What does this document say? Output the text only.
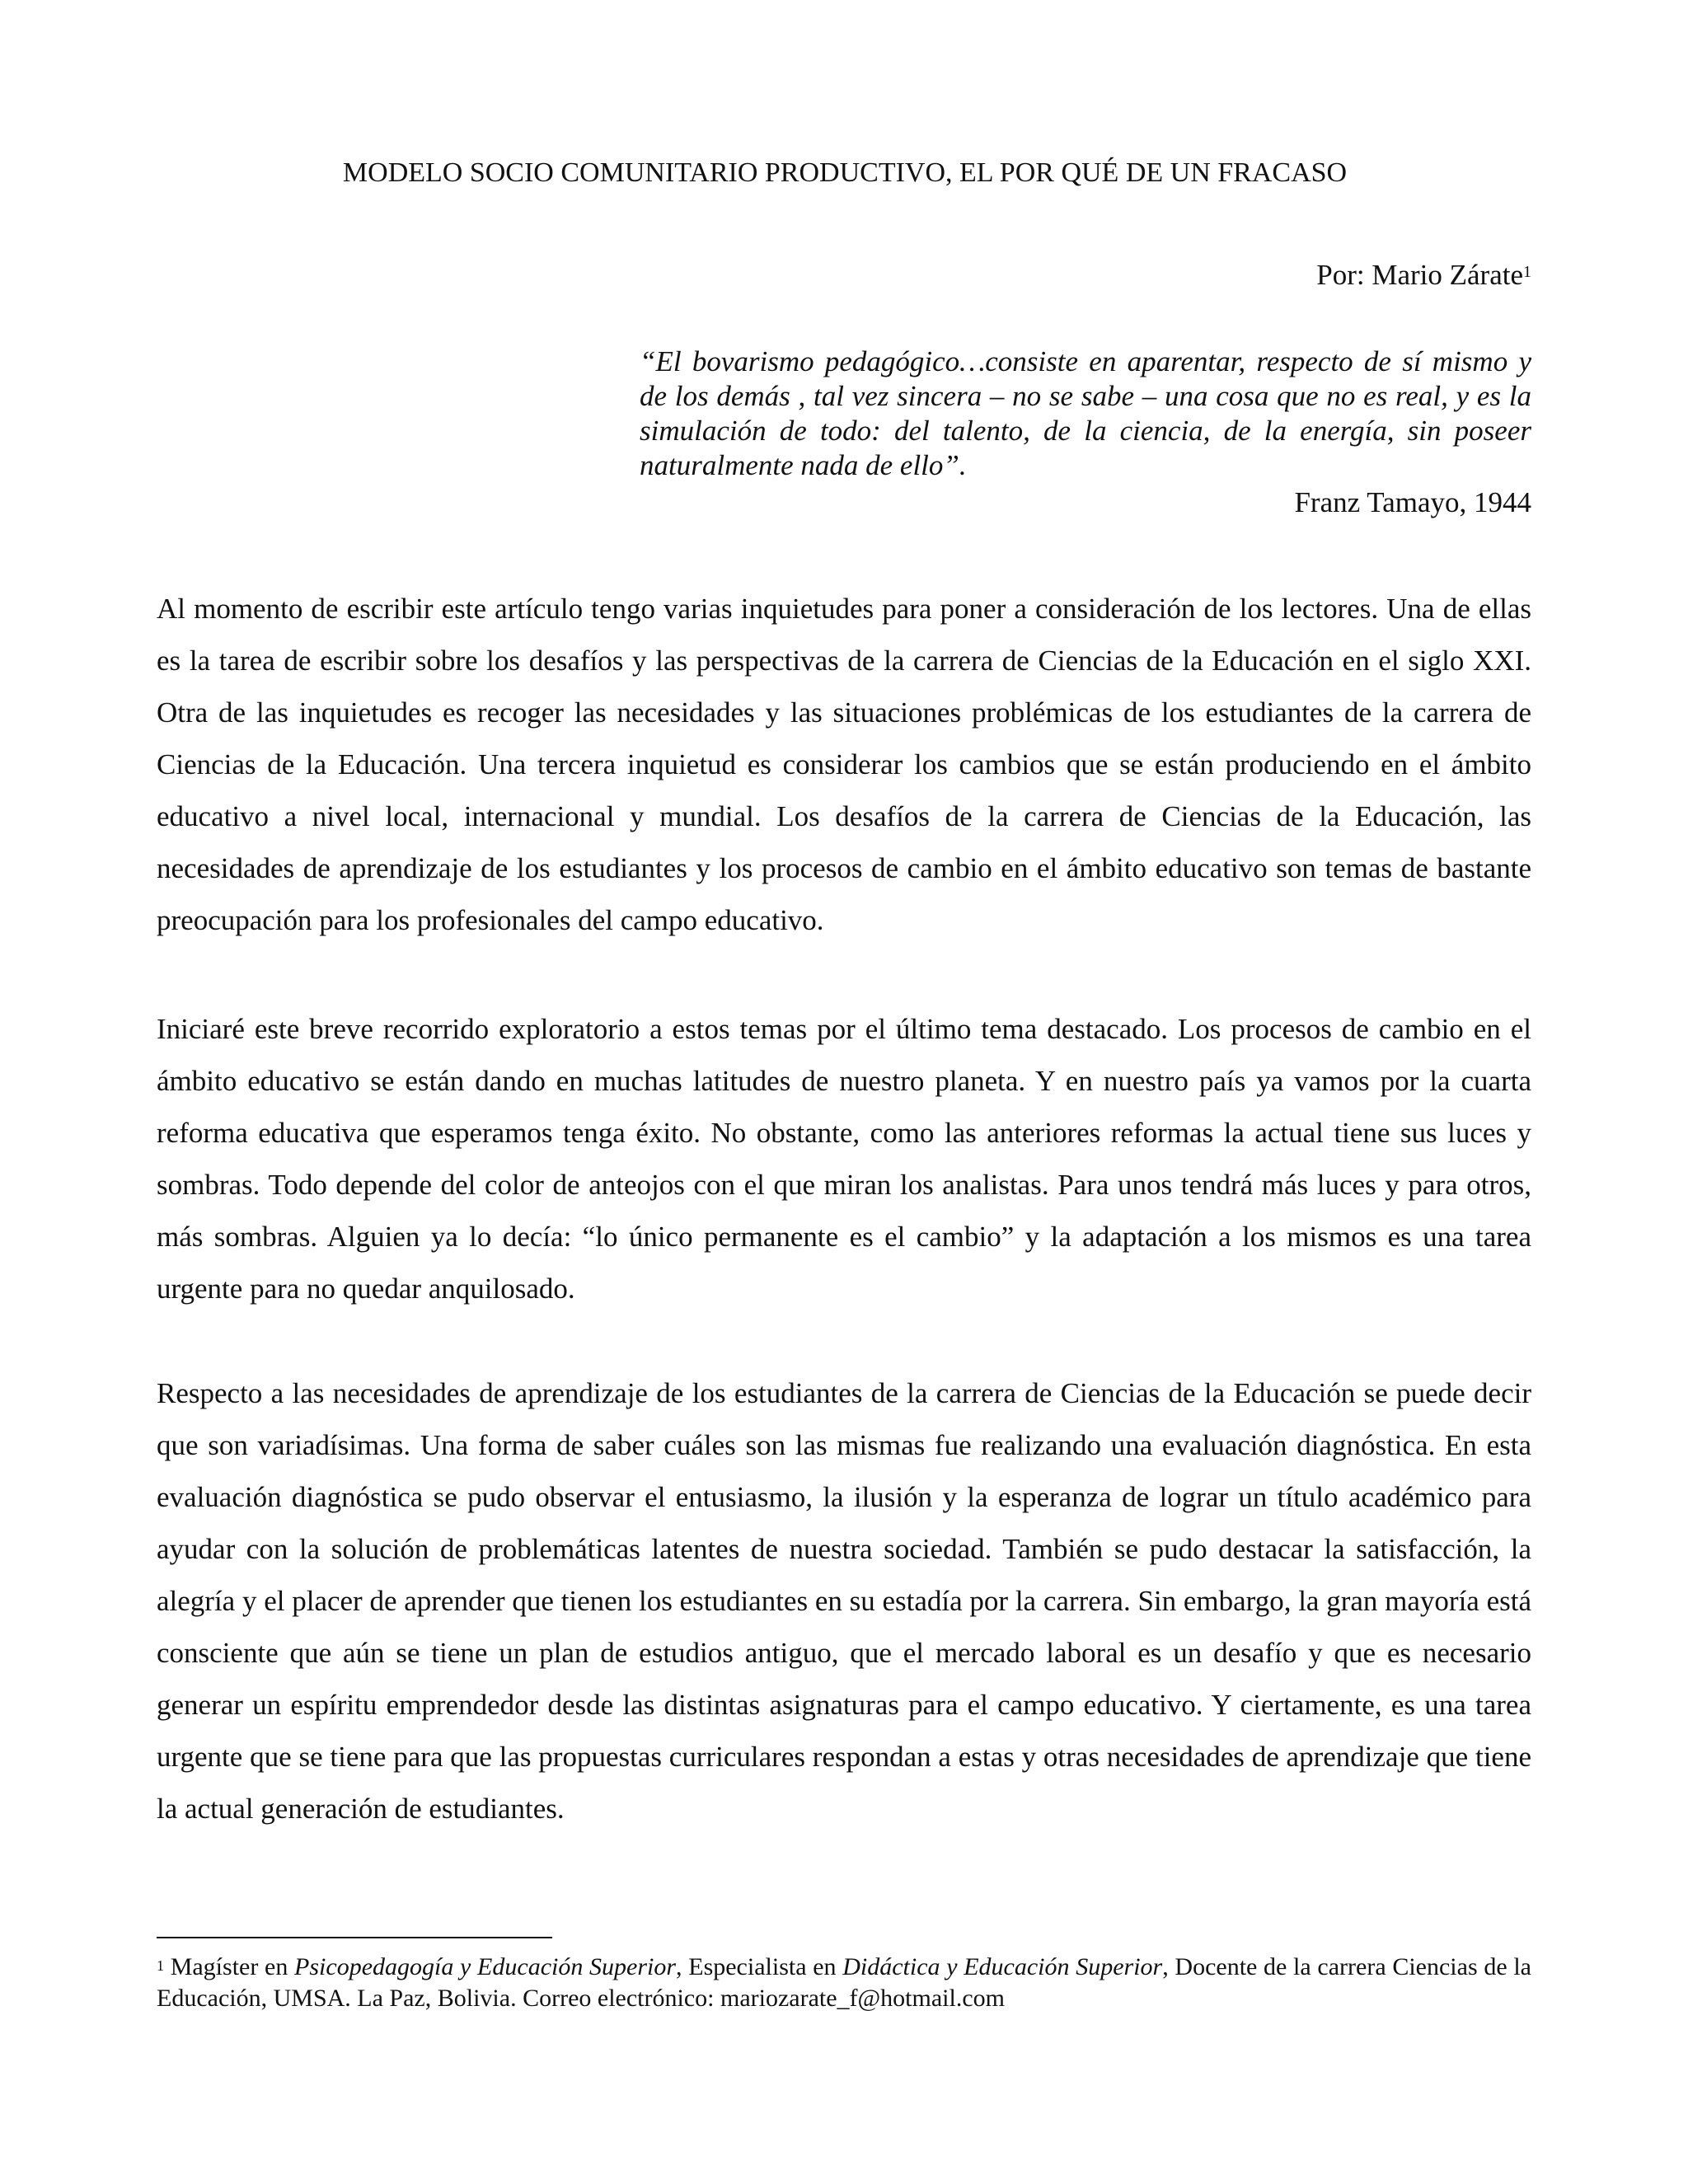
MODELO SOCIO COMUNITARIO PRODUCTIVO, EL POR QUÉ DE UN FRACASO
Por: Mario Zárate$^1$

“El bovarismo pedagógico…consiste en aparentar, respecto de sí mismo y de los demás , tal vez sincera – no se sabe – una cosa que no es real, y es la simulación de todo: del talento, de la ciencia, de la energía, sin poseer naturalmente nada de ello”.

Franz Tamayo, 1944

Al momento de escribir este artículo tengo varias inquietudes para poner a consideración de los lectores. Una de ellas es la tarea de escribir sobre los desafíos y las perspectivas de la carrera de Ciencias de la Educación en el siglo XXI. Otra de las inquietudes es recoger las necesidades y las situaciones problémicas de los estudiantes de la carrera de Ciencias de la Educación. Una tercera inquietud es considerar los cambios que se están produciendo en el ámbito educativo a nivel local, internacional y mundial. Los desafíos de la carrera de Ciencias de la Educación, las necesidades de aprendizaje de los estudiantes y los procesos de cambio en el ámbito educativo son temas de bastante preocupación para los profesionales del campo educativo.

Iniciaré este breve recorrido exploratorio a estos temas por el último tema destacado. Los procesos de cambio en el ámbito educativo se están dando en muchas latitudes de nuestro planeta. Y en nuestro país ya vamos por la cuarta reforma educativa que esperamos tenga éxito. No obstante, como las anteriores reformas la actual tiene sus luces y sombras. Todo depende del color de anteojos con el que miran los analistas. Para unos tendrá más luces y para otros, más sombras. Alguien ya lo decía: “lo único permanente es el cambio” y la adaptación a los mismos es una tarea urgente para no quedar anquilosado.

Respecto a las necesidades de aprendizaje de los estudiantes de la carrera de Ciencias de la Educación se puede decir que son variadísimas. Una forma de saber cuáles son las mismas fue realizando una evaluación diagnóstica. En esta evaluación diagnóstica se pudo observar el entusiasmo, la ilusión y la esperanza de lograr un título académico para ayudar con la solución de problemáticas latentes de nuestra sociedad. También se pudo destacar la satisfacción, la alegría y el placer de aprender que tienen los estudiantes en su estadía por la carrera. Sin embargo, la gran mayoría está consciente que aún se tiene un plan de estudios antiguo, que el mercado laboral es un desafío y que es necesario generar un espíritu emprendedor desde las distintas asignaturas para el campo educativo. Y ciertamente, es una tarea urgente que se tiene para que las propuestas curriculares respondan a estas y otras necesidades de aprendizaje que tiene la actual generación de estudiantes.

$^1$ Magíster en Psicopedagogía y Educación Superior, Especialista en Didáctica y Educación Superior, Docente de la carrera Ciencias de la Educación, UMSA. La Paz, Bolivia. Correo electrónico: mariozarate_f@hotmail.com
